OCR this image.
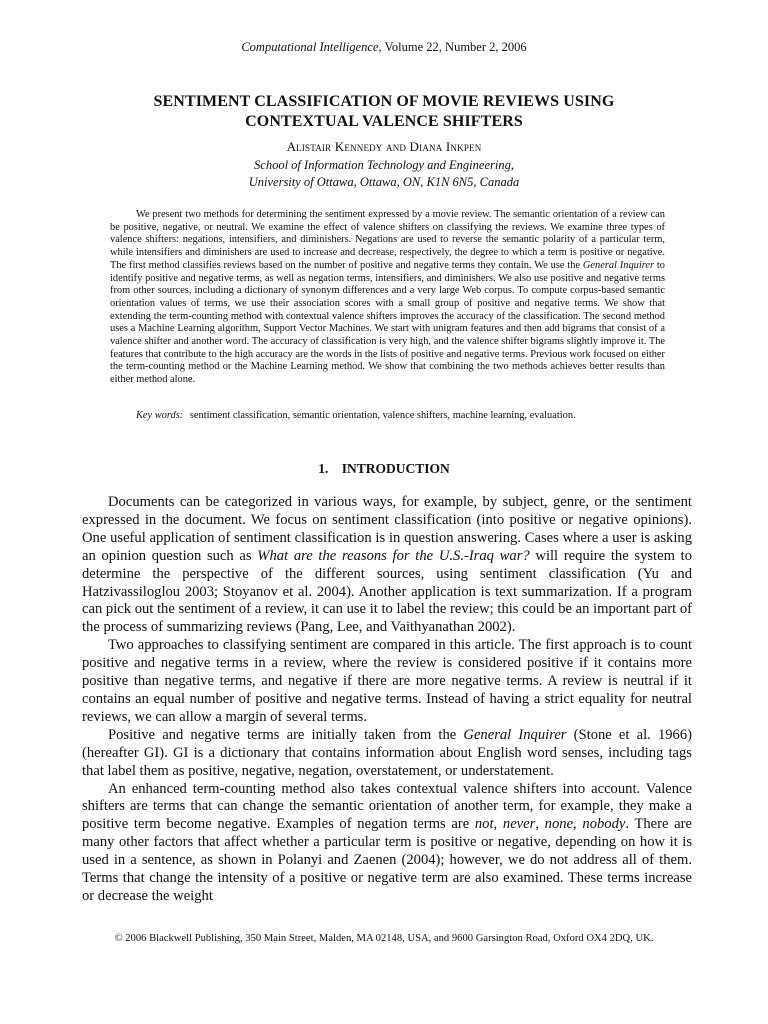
Computational Intelligence, Volume 22, Number 2, 2006
SENTIMENT CLASSIFICATION OF MOVIE REVIEWS USING
CONTEXTUAL VALENCE SHIFTERS
Alistair Kennedy and Diana Inkpen
School of Information Technology and Engineering,
University of Ottawa, Ottawa, ON, K1N 6N5, Canada
We present two methods for determining the sentiment expressed by a movie review. The semantic orientation of a review can be positive, negative, or neutral. We examine the effect of valence shifters on classifying the reviews. We examine three types of valence shifters: negations, intensifiers, and diminishers. Negations are used to reverse the semantic polarity of a particular term, while intensifiers and diminishers are used to increase and decrease, respectively, the degree to which a term is positive or negative. The first method classifies reviews based on the number of positive and negative terms they contain. We use the General Inquirer to identify positive and negative terms, as well as negation terms, intensifiers, and diminishers. We also use positive and negative terms from other sources, including a dictionary of synonym differences and a very large Web corpus. To compute corpus-based semantic orientation values of terms, we use their association scores with a small group of positive and negative terms. We show that extending the term-counting method with contextual valence shifters improves the accuracy of the classification. The second method uses a Machine Learning algorithm, Support Vector Machines. We start with unigram features and then add bigrams that consist of a valence shifter and another word. The accuracy of classification is very high, and the valence shifter bigrams slightly improve it. The features that contribute to the high accuracy are the words in the lists of positive and negative terms. Previous work focused on either the term-counting method or the Machine Learning method. We show that combining the two methods achieves better results than either method alone.
Key words: sentiment classification, semantic orientation, valence shifters, machine learning, evaluation.
1. INTRODUCTION

Documents can be categorized in various ways, for example, by subject, genre, or the sentiment expressed in the document. We focus on sentiment classification (into positive or negative opinions). One useful application of sentiment classification is in question answering. Cases where a user is asking an opinion question such as What are the reasons for the U.S.-Iraq war? will require the system to determine the perspective of the different sources, using sentiment classification (Yu and Hatzivassiloglou 2003; Stoyanov et al. 2004). Another application is text summarization. If a program can pick out the sentiment of a review, it can use it to label the review; this could be an important part of the process of summarizing reviews (Pang, Lee, and Vaithyanathan 2002).

Two approaches to classifying sentiment are compared in this article. The first approach is to count positive and negative terms in a review, where the review is considered positive if it contains more positive than negative terms, and negative if there are more negative terms. A review is neutral if it contains an equal number of positive and negative terms. Instead of having a strict equality for neutral reviews, we can allow a margin of several terms.

Positive and negative terms are initially taken from the General Inquirer (Stone et al. 1966) (hereafter GI). GI is a dictionary that contains information about English word senses, including tags that label them as positive, negative, negation, overstatement, or understatement.

An enhanced term-counting method also takes contextual valence shifters into account. Valence shifters are terms that can change the semantic orientation of another term, for example, they make a positive term become negative. Examples of negation terms are not, never, none, nobody. There are many other factors that affect whether a particular term is positive or negative, depending on how it is used in a sentence, as shown in Polanyi and Zaenen (2004); however, we do not address all of them. Terms that change the intensity of a positive or negative term are also examined. These terms increase or decrease the weight

© 2006 Blackwell Publishing, 350 Main Street, Malden, MA 02148, USA, and 9600 Garsington Road, Oxford OX4 2DQ, UK.
